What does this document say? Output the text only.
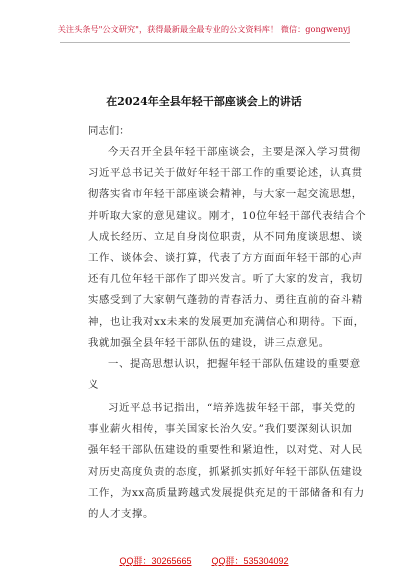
关注头条号"公文研究"，获得最新最全最专业的公文资料库！ 微信：gongwenyj
在2024年全县年轻干部座谈会上的讲话
同志们：
今天召开全县年轻干部座谈会，主要是深入学习贯彻
习近平总书记关于做好年轻干部工作的重要论述，认真贯
彻落实省市年轻干部座谈会精神，与大家一起交流思想，
并听取大家的意见建议。刚才，10位年轻干部代表结合个
人成长经历、立足自身岗位职责，从不同角度谈思想、谈
工作、谈体会、谈打算，代表了方方面面年轻干部的心声
还有几位年轻干部作了即兴发言。听了大家的发言，我切
实感受到了大家朝气蓬勃的青春活力、勇往直前的奋斗精
神，也让我对xx未来的发展更加充满信心和期待。下面，
我就加强全县年轻干部队伍的建设，讲三点意见。
一、提高思想认识，把握年轻干部队伍建设的重要意
义
习近平总书记指出，“培养选拔年轻干部，事关党的
事业薪火相传，事关国家长治久安。”我们要深刻认识加
强年轻干部队伍建设的重要性和紧迫性，以对党、对人民
对历史高度负责的态度，抓紧抓实抓好年轻干部队伍建设
工作，为xx高质量跨越式发展提供充足的干部储备和有力
的人才支撑。
QQ群：30265665 QQ群：535304092
